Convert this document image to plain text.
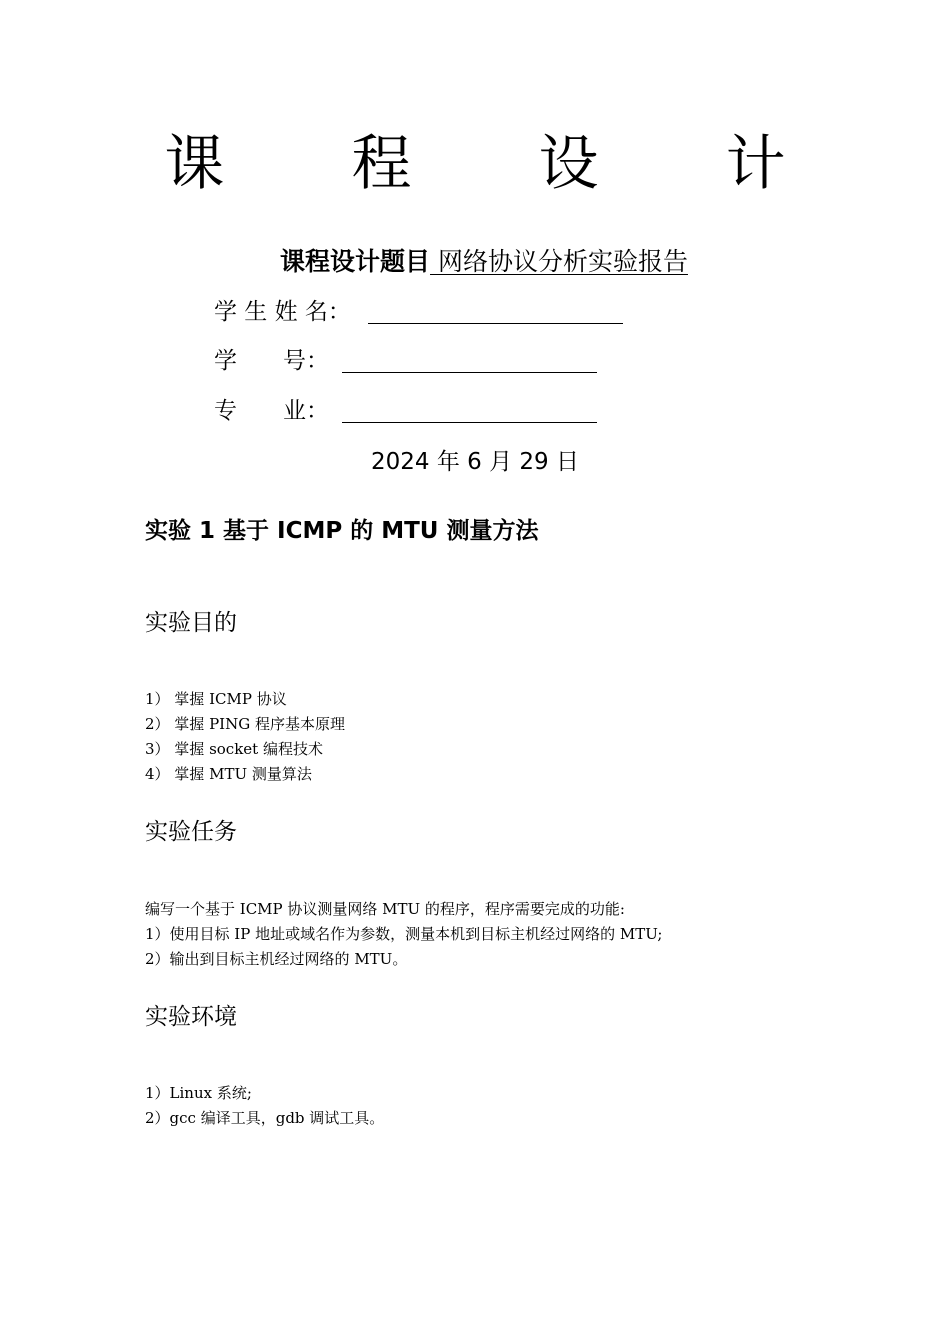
课 程 设 计
课程设计题目 网络协议分析实验报告
学 生 姓 名：
学　　号：
专　　业：
2024 年 6 月 29 日
实验 1 基于 ICMP 的 MTU 测量方法
实验目的
1） 掌握 ICMP 协议
2） 掌握 PING 程序基本原理
3） 掌握 socket 编程技术
4） 掌握 MTU 测量算法
实验任务
编写一个基于 ICMP 协议测量网络 MTU 的程序，程序需要完成的功能:
1）使用目标 IP 地址或域名作为参数，测量本机到目标主机经过网络的 MTU;
2）输出到目标主机经过网络的 MTU。
实验环境
1）Linux 系统;
2）gcc 编译工具，gdb 调试工具。
